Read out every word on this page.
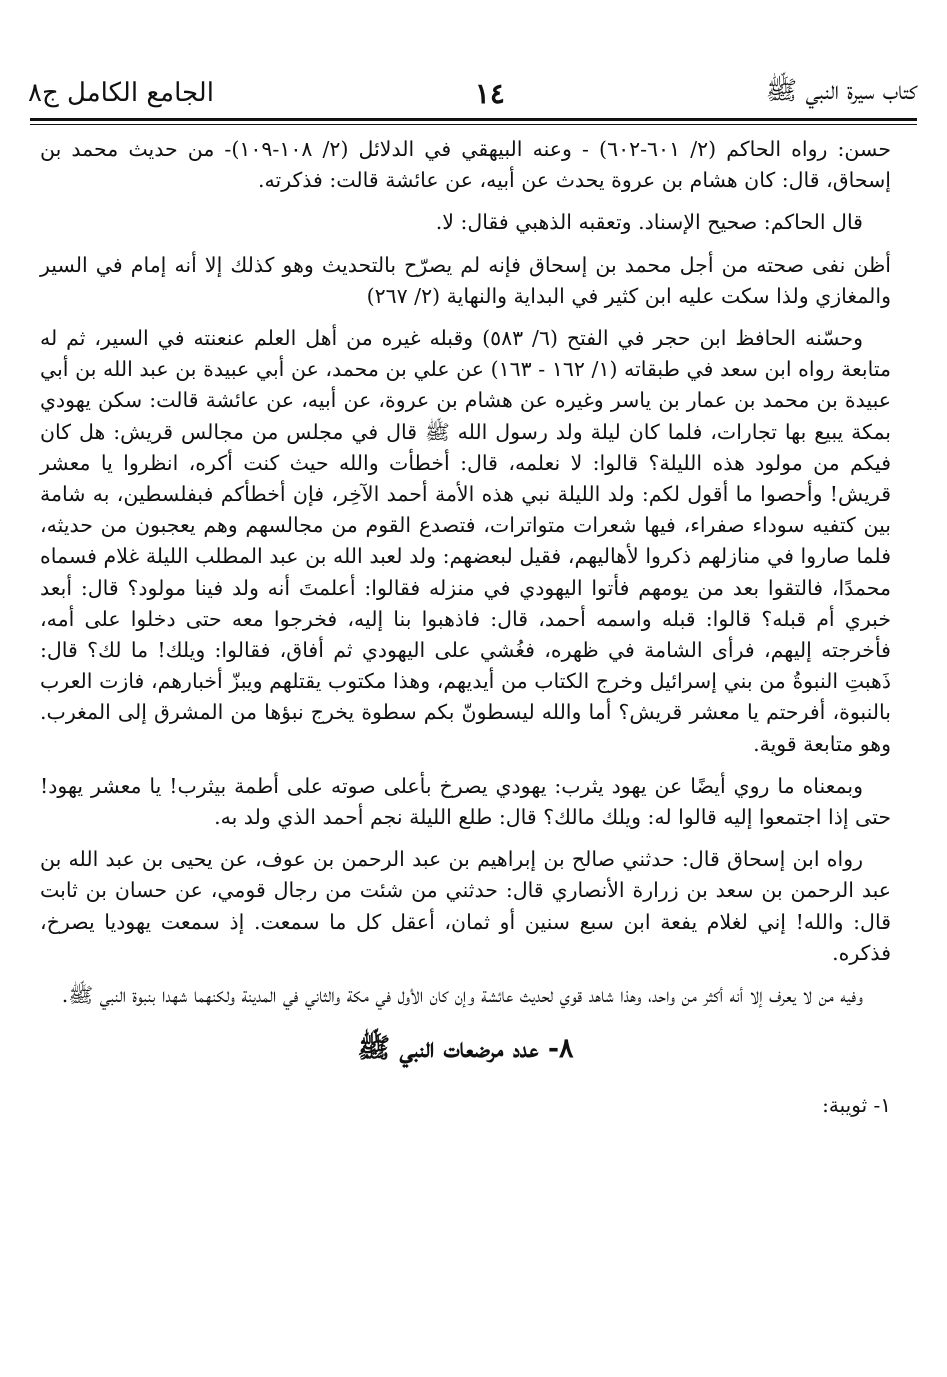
كتاب سيرة النبي ﷺ
١٤
الجامع الكامل ج٨

حسن: رواه الحاكم (٢/ ٦٠١-٦٠٢) - وعنه البيهقي في الدلائل (٢/ ١٠٨-١٠٩)- من حديث محمد بن إسحاق، قال: كان هشام بن عروة يحدث عن أبيه، عن عائشة قالت: فذكرته.

قال الحاكم: صحيح الإسناد. وتعقبه الذهبي فقال: لا.

أظن نفى صحته من أجل محمد بن إسحاق فإنه لم يصرّح بالتحديث وهو كذلك إلا أنه إمام في السير والمغازي ولذا سكت عليه ابن كثير في البداية والنهاية (٢/ ٢٦٧)

وحسّنه الحافظ ابن حجر في الفتح (٦/ ٥٨٣) وقبله غيره من أهل العلم عنعنته في السير، ثم له متابعة رواه ابن سعد في طبقاته (١/ ١٦٢ - ١٦٣) عن علي بن محمد، عن أبي عبيدة بن عبد الله بن أبي عبيدة بن محمد بن عمار بن ياسر وغيره عن هشام بن عروة، عن أبيه، عن عائشة قالت: سكن يهودي بمكة يبيع بها تجارات، فلما كان ليلة ولد رسول الله ﷺ قال في مجلس من مجالس قريش: هل كان فيكم من مولود هذه الليلة؟ قالوا: لا نعلمه، قال: أخطأت والله حيث كنت أكره، انظروا يا معشر قريش! وأحصوا ما أقول لكم: ولد الليلة نبي هذه الأمة أحمد الآخِر، فإن أخطأكم فبفلسطين، به شامة بين كتفيه سوداء صفراء، فيها شعرات متواترات، فتصدع القوم من مجالسهم وهم يعجبون من حديثه، فلما صاروا في منازلهم ذكروا لأهاليهم، فقيل لبعضهم: ولد لعبد الله بن عبد المطلب الليلة غلام فسماه محمدًا، فالتقوا بعد من يومهم فأتوا اليهودي في منزله فقالوا: أعلمتَ أنه ولد فينا مولود؟ قال: أبعد خبري أم قبله؟ قالوا: قبله واسمه أحمد، قال: فاذهبوا بنا إليه، فخرجوا معه حتى دخلوا على أمه، فأخرجته إليهم، فرأى الشامة في ظهره، فغُشي على اليهودي ثم أفاق، فقالوا: ويلك! ما لك؟ قال: ذَهبتِ النبوةُ من بني إسرائيل وخرج الكتاب من أيديهم، وهذا مكتوب يقتلهم ويبزّ أخبارهم، فازت العرب بالنبوة، أفرحتم يا معشر قريش؟ أما والله ليسطونّ بكم سطوة يخرج نبؤها من المشرق إلى المغرب. وهو متابعة قوية.

وبمعناه ما روي أيضًا عن يهود يثرب: يهودي يصرخ بأعلى صوته على أطمة بيثرب! يا معشر يهود! حتى إذا اجتمعوا إليه قالوا له: ويلك مالك؟ قال: طلع الليلة نجم أحمد الذي ولد به.

رواه ابن إسحاق قال: حدثني صالح بن إبراهيم بن عبد الرحمن بن عوف، عن يحيى بن عبد الله بن عبد الرحمن بن سعد بن زرارة الأنصاري قال: حدثني من شئت من رجال قومي، عن حسان بن ثابت قال: والله! إني لغلام يفعة ابن سبع سنين أو ثمان، أعقل كل ما سمعت. إذ سمعت يهوديا يصرخ، فذكره.

وفيه من لا يعرف إلا أنه أكثر من واحد، وهذا شاهد قوي لحديث عائشة وإن كان الأول في مكة والثاني في المدينة ولكنهما شهدا بنبوة النبي ﷺ.

٨- عدد مرضعات النبي ﷺ

١- ثويبة:
